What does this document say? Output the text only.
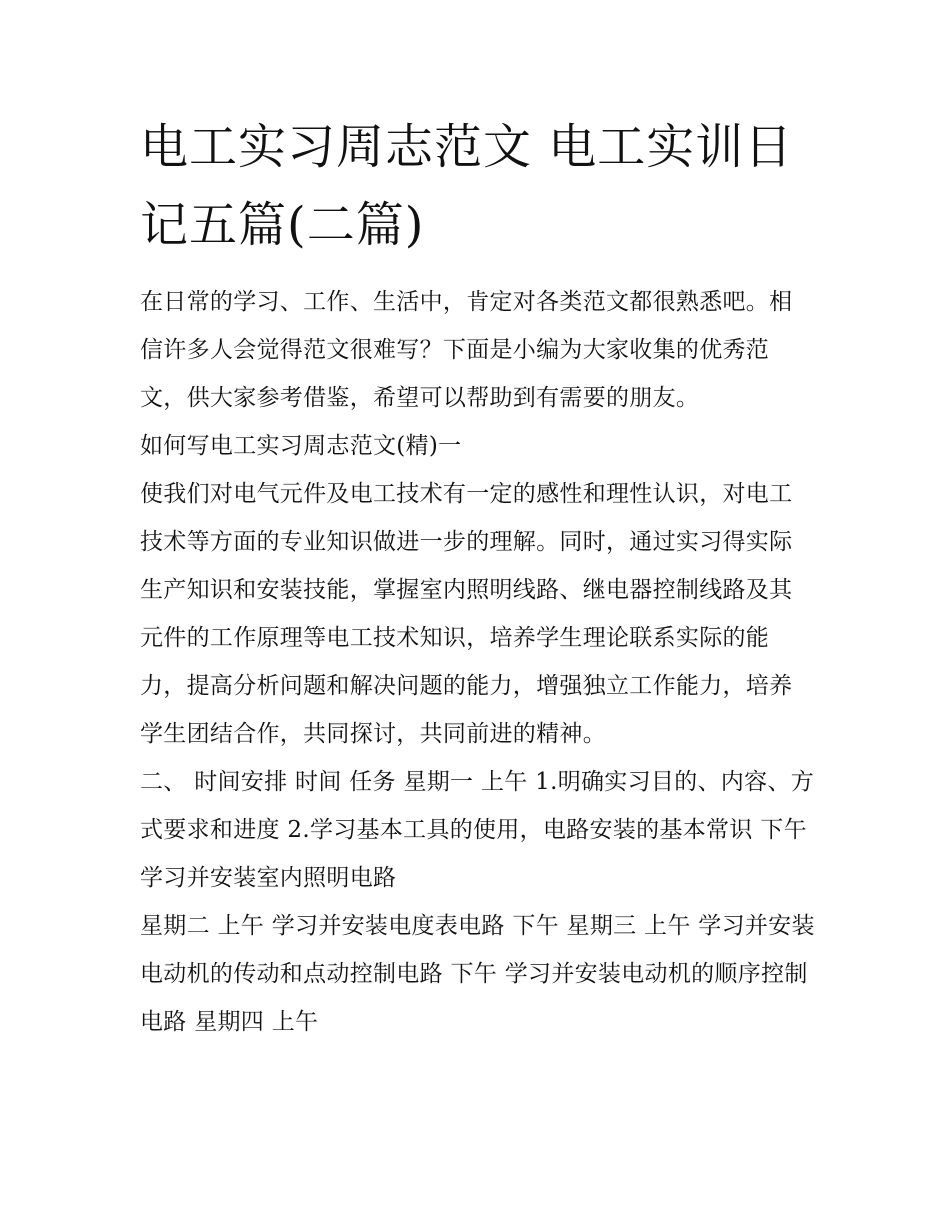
电工实习周志范文 电工实训日记五篇(二篇)

在日常的学习、工作、生活中，肯定对各类范文都很熟悉吧。相信许多人会觉得范文很难写？下面是小编为大家收集的优秀范文，供大家参考借鉴，希望可以帮助到有需要的朋友。

如何写电工实习周志范文(精)一

使我们对电气元件及电工技术有一定的感性和理性认识，对电工技术等方面的专业知识做进一步的理解。同时，通过实习得实际生产知识和安装技能，掌握室内照明线路、继电器控制线路及其元件的工作原理等电工技术知识，培养学生理论联系实际的能力，提高分析问题和解决问题的能力，增强独立工作能力，培养学生团结合作，共同探讨，共同前进的精神。

二、 时间安排 时间 任务 星期一 上午 1.明确实习目的、内容、方式要求和进度 2.学习基本工具的使用，电路安装的基本常识 下午 学习并安装室内照明电路

星期二 上午 学习并安装电度表电路 下午 星期三 上午 学习并安装电动机的传动和点动控制电路 下午 学习并安装电动机的顺序控制电路 星期四 上午
